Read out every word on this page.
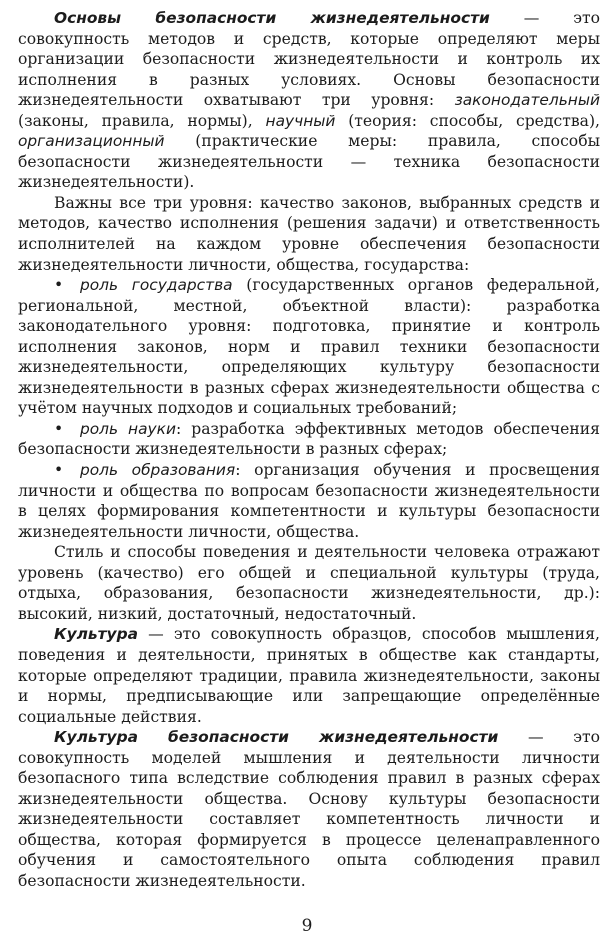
Основы безопасности жизнедеятельности — это совокупность методов и средств, которые определяют меры организации безопасности жизнедеятельности и контроль их исполнения в разных условиях. Основы безопасности жизнедеятельности охватывают три уровня: законодательный (законы, правила, нормы), научный (теория: способы, средства), организационный (практические меры: правила, способы безопасности жизнедеятельности — техника безопасности жизнедеятельности).

Важны все три уровня: качество законов, выбранных средств и методов, качество исполнения (решения задачи) и ответственность исполнителей на каждом уровне обеспечения безопасности жизнедеятельности личности, общества, государства:

• роль государства (государственных органов федеральной, региональной, местной, объектной власти): разработка законодательного уровня: подготовка, принятие и контроль исполнения законов, норм и правил техники безопасности жизнедеятельности, определяющих культуру безопасности жизнедеятельности в разных сферах жизнедеятельности общества с учётом научных подходов и социальных требований;

• роль науки: разработка эффективных методов обеспечения безопасности жизнедеятельности в разных сферах;

• роль образования: организация обучения и просвещения личности и общества по вопросам безопасности жизнедеятельности в целях формирования компетентности и культуры безопасности жизнедеятельности личности, общества.

Стиль и способы поведения и деятельности человека отражают уровень (качество) его общей и специальной культуры (труда, отдыха, образования, безопасности жизнедеятельности, др.): высокий, низкий, достаточный, недостаточный.

Культура — это совокупность образцов, способов мышления, поведения и деятельности, принятых в обществе как стандарты, которые определяют традиции, правила жизнедеятельности, законы и нормы, предписывающие или запрещающие определённые социальные действия.

Культура безопасности жизнедеятельности — это совокупность моделей мышления и деятельности личности безопасного типа вследствие соблюдения правил в разных сферах жизнедеятельности общества. Основу культуры безопасности жизнедеятельности составляет компетентность личности и общества, которая формируется в процессе целенаправленного обучения и самостоятельного опыта соблюдения правил безопасности жизнедеятельности.

9
